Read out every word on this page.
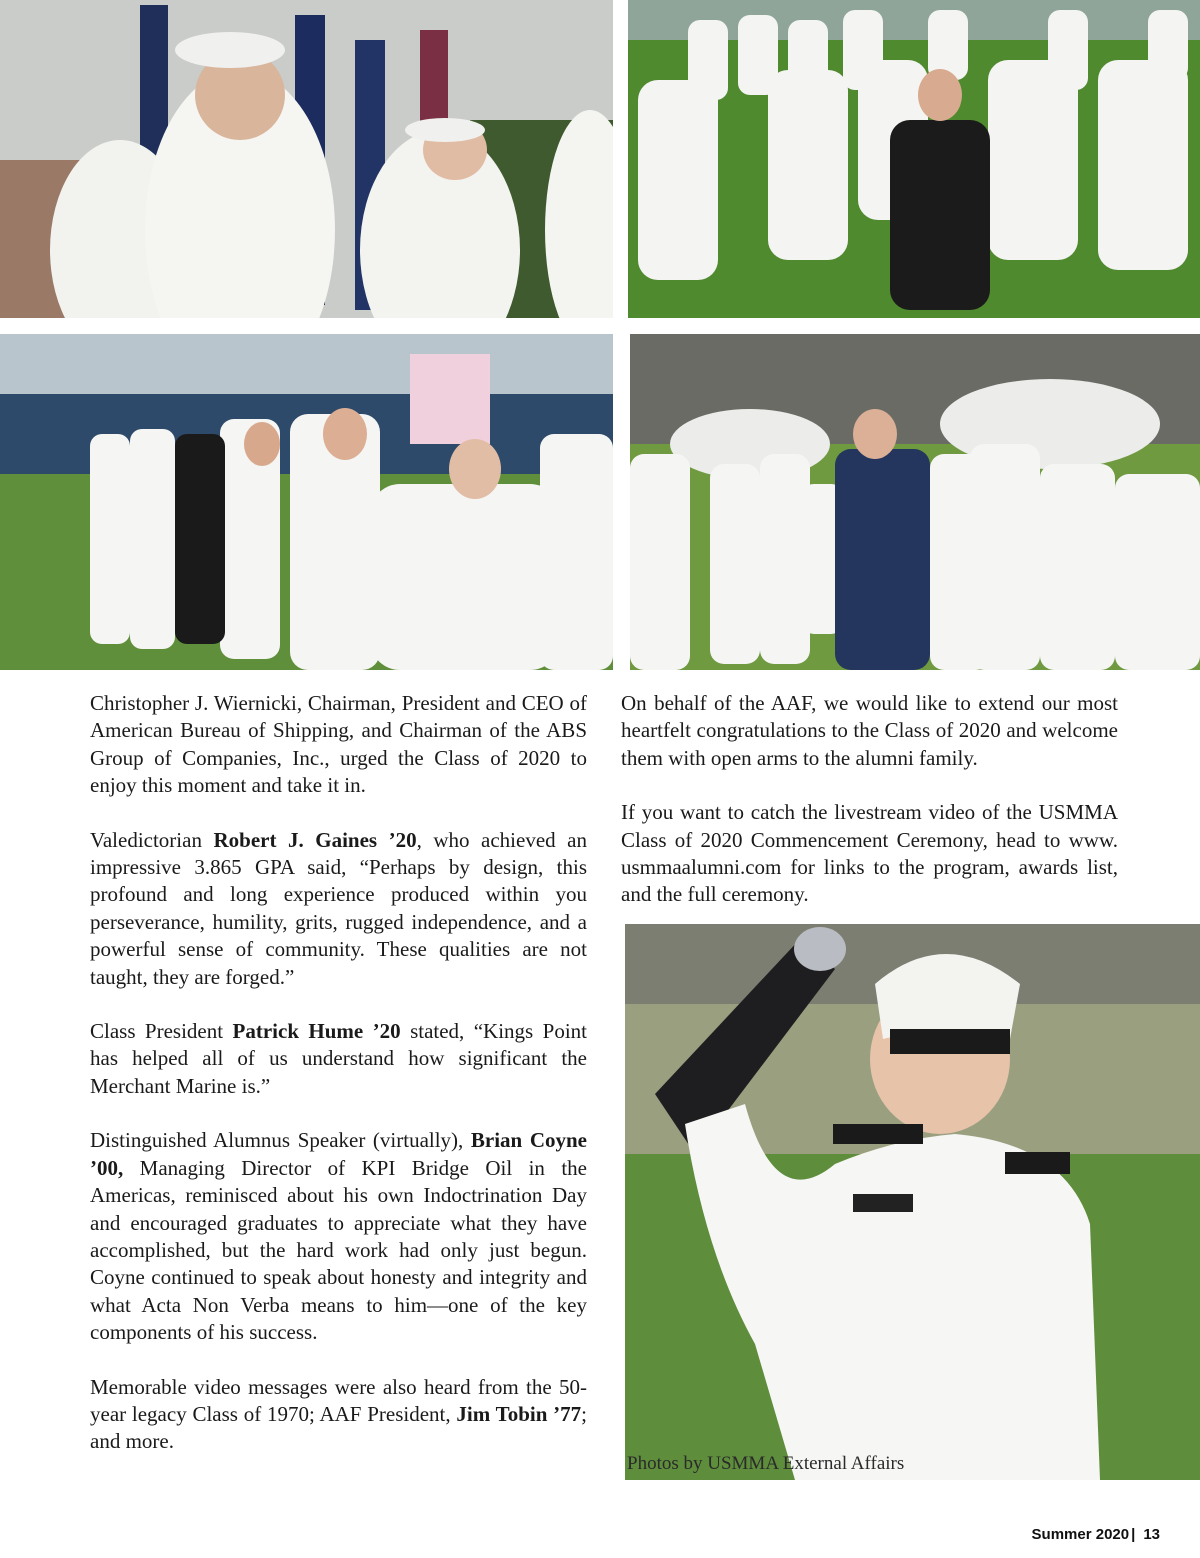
Photos by USMMA External Affairs

Christopher J. Wiernicki, Chairman, President and CEO of American Bureau of Shipping, and Chairman of the ABS Group of Companies, Inc., urged the Class of 2020 to enjoy this moment and take it in.

Valedictorian Robert J. Gaines ’20, who achieved an impressive 3.865 GPA said, “Perhaps by design, this profound and long experience produced within you perseverance, humility, grits, rugged independence, and a powerful sense of community. These qualities are not taught, they are forged.”

Class President Patrick Hume ’20 stated, “Kings Point has helped all of us understand how significant the Merchant Marine is.”

Distinguished Alumnus Speaker (virtually), Brian Coyne ’00, Managing Director of KPI Bridge Oil in the Americas, reminisced about his own Indoctrination Day and encouraged graduates to appreciate what they have accomplished, but the hard work had only just begun. Coyne continued to speak about honesty and integrity and what Acta Non Verba means to him—one of the key components of his success.

Memorable video messages were also heard from the 50-year legacy Class of 1970; AAF President, Jim Tobin ’77; and more.

On behalf of the AAF, we would like to extend our most heartfelt congratulations to the Class of 2020 and welcome them with open arms to the alumni family.

If you want to catch the livestream video of the USMMA Class of 2020 Commencement Ceremony, head to www. usmmaalumni.com for links to the program, awards list, and the full ceremony.

Summer 2020 | 13
